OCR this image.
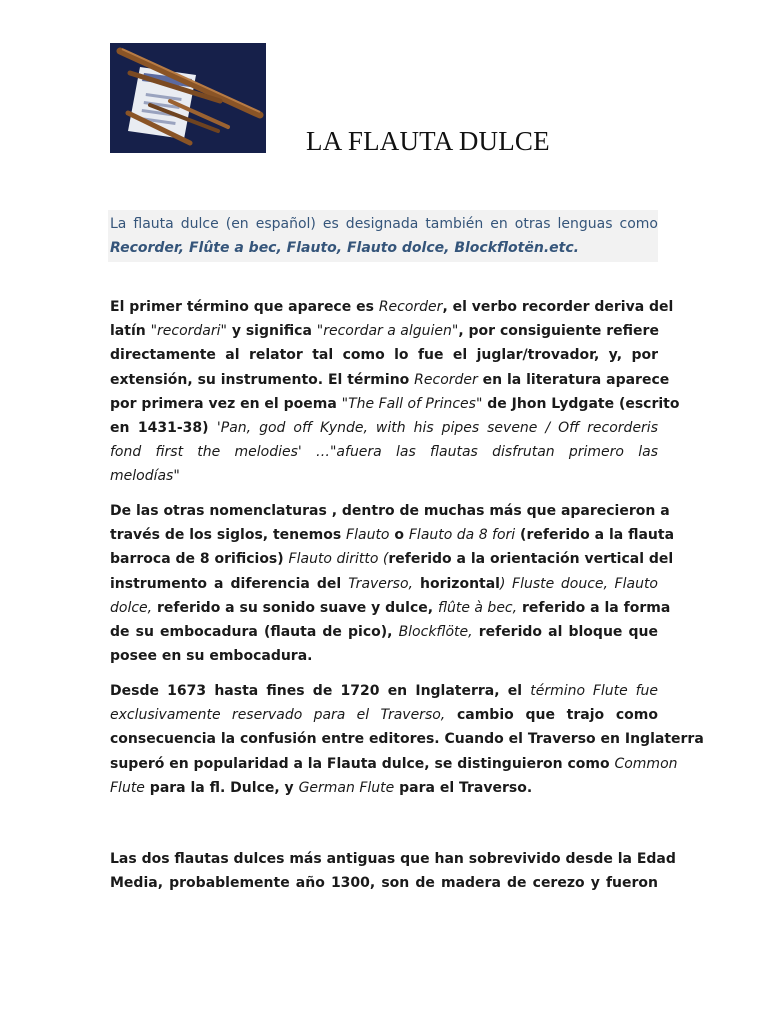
LA FLAUTA DULCE
La flauta dulce (en español) es designada también en otras lenguas como
Recorder, Flûte a bec, Flauto, Flauto dolce, Blockflotën.etc.
El primer término que aparece es Recorder, el verbo recorder deriva del
latín "recordari" y significa "recordar a alguien", por consiguiente refiere
directamente al relator tal como lo fue el juglar/trovador, y, por
extensión, su instrumento. El término Recorder en la literatura aparece
por primera vez en el poema "The Fall of Princes" de Jhon Lydgate (escrito
en 1431-38) 'Pan, god off Kynde, with his pipes sevene / Off recorderis
fond first the melodies' …"afuera las flautas disfrutan primero las
melodías"
De las otras nomenclaturas , dentro de muchas más que aparecieron a
través de los siglos, tenemos Flauto o Flauto da 8 fori (referido a la flauta
barroca de 8 orificios) Flauto diritto (referido a la orientación vertical del
instrumento a diferencia del Traverso, horizontal) Fluste douce, Flauto
dolce, referido a su sonido suave y dulce, flûte à bec, referido a la forma
de su embocadura (flauta de pico), Blockflöte, referido al bloque que
posee en su embocadura.
Desde 1673 hasta fines de 1720 en Inglaterra, el término Flute fue
exclusivamente reservado para el Traverso, cambio que trajo como
consecuencia la confusión entre editores. Cuando el Traverso en Inglaterra
superó en popularidad a la Flauta dulce, se distinguieron como Common
Flute para la fl. Dulce, y German Flute para el Traverso.
Las dos flautas dulces más antiguas que han sobrevivido desde la Edad
Media, probablemente año 1300, son de madera de cerezo y fueron
